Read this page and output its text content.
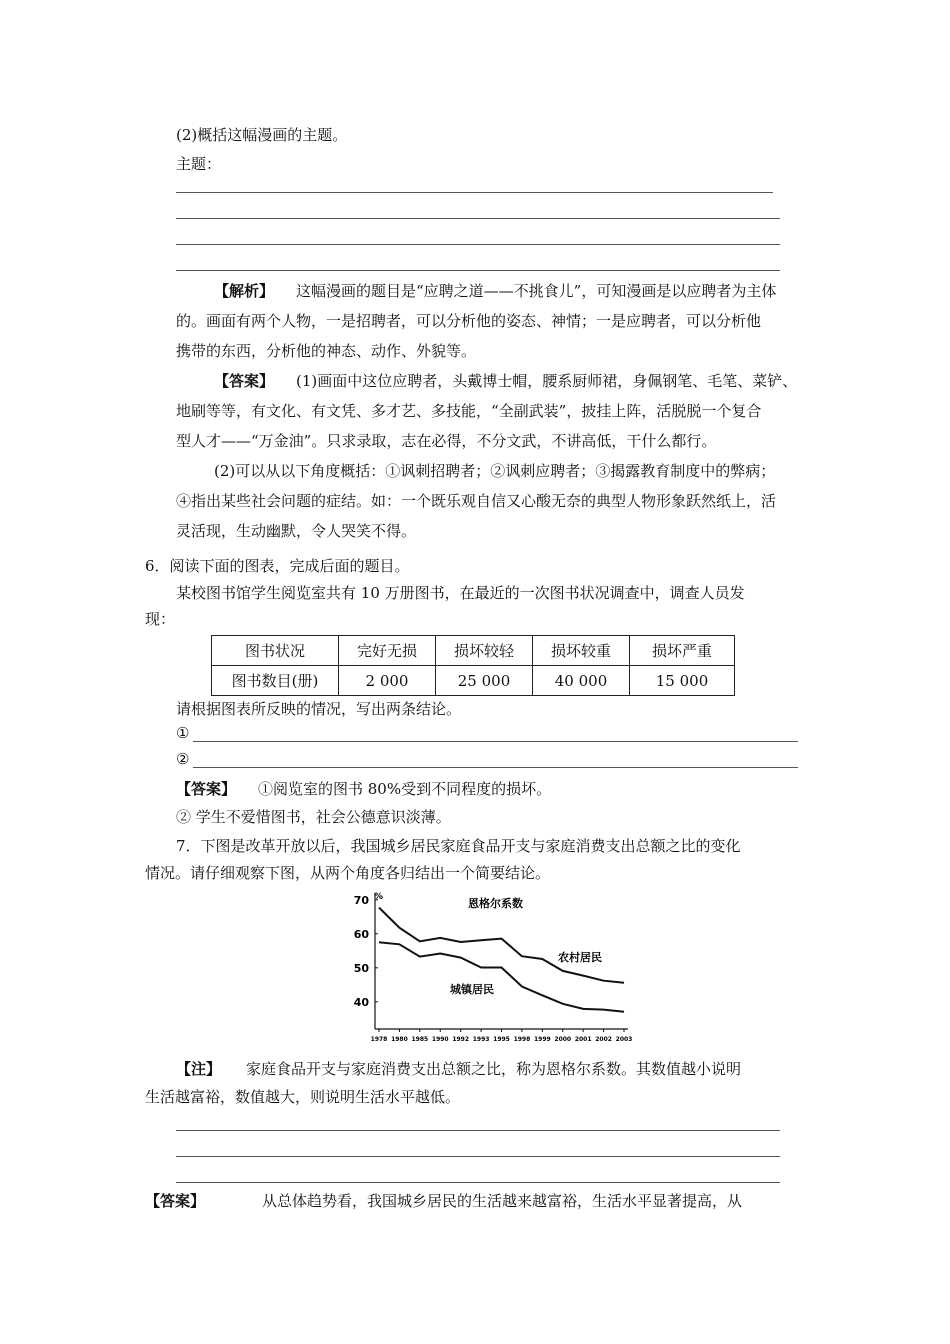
(2)概括这幅漫画的主题。
主题：
【解析】 这幅漫画的题目是“应聘之道——不挑食儿”，可知漫画是以应聘者为主体
的。画面有两个人物，一是招聘者，可以分析他的姿态、神情；一是应聘者，可以分析他
携带的东西，分析他的神态、动作、外貌等。
【答案】 (1)画面中这位应聘者，头戴博士帽，腰系厨师裙，身佩钢笔、毛笔、菜铲、
地刷等等，有文化、有文凭、多才艺、多技能，“全副武装”，披挂上阵，活脱脱一个复合
型人才——“万金油”。只求录取，志在必得，不分文武，不讲高低，干什么都行。
(2)可以从以下角度概括：①讽刺招聘者；②讽刺应聘者；③揭露教育制度中的弊病；
④指出某些社会问题的症结。如：一个既乐观自信又心酸无奈的典型人物形象跃然纸上，活
灵活现，生动幽默，令人哭笑不得。
6．阅读下面的图表，完成后面的题目。
某校图书馆学生阅览室共有 10 万册图书，在最近的一次图书状况调查中，调查人员发
现：
图书状况	完好无损	损坏较轻	损坏较重	损坏严重
图书数目(册)	2 000	25 000	40 000	15 000
请根据图表所反映的情况，写出两条结论。
①
②
【答案】 ①阅览室的图书 80%受到不同程度的损坏。
② 学生不爱惜图书，社会公德意识淡薄。
7．下图是改革开放以后，我国城乡居民家庭食品开支与家庭消费支出总额之比的变化
情况。请仔细观察下图，从两个角度各归结出一个简要结论。
%
70
60
50
40
1978 1980 1985 1990 1992 1993 1995 1998 1999 2000 2001 2002 2003
恩格尔系数
农村居民
城镇居民
【注】 家庭食品开支与家庭消费支出总额之比，称为恩格尔系数。其数值越小说明
生活越富裕，数值越大，则说明生活水平越低。
【答案】	从总体趋势看，我国城乡居民的生活越来越富裕，生活水平显著提高，从
